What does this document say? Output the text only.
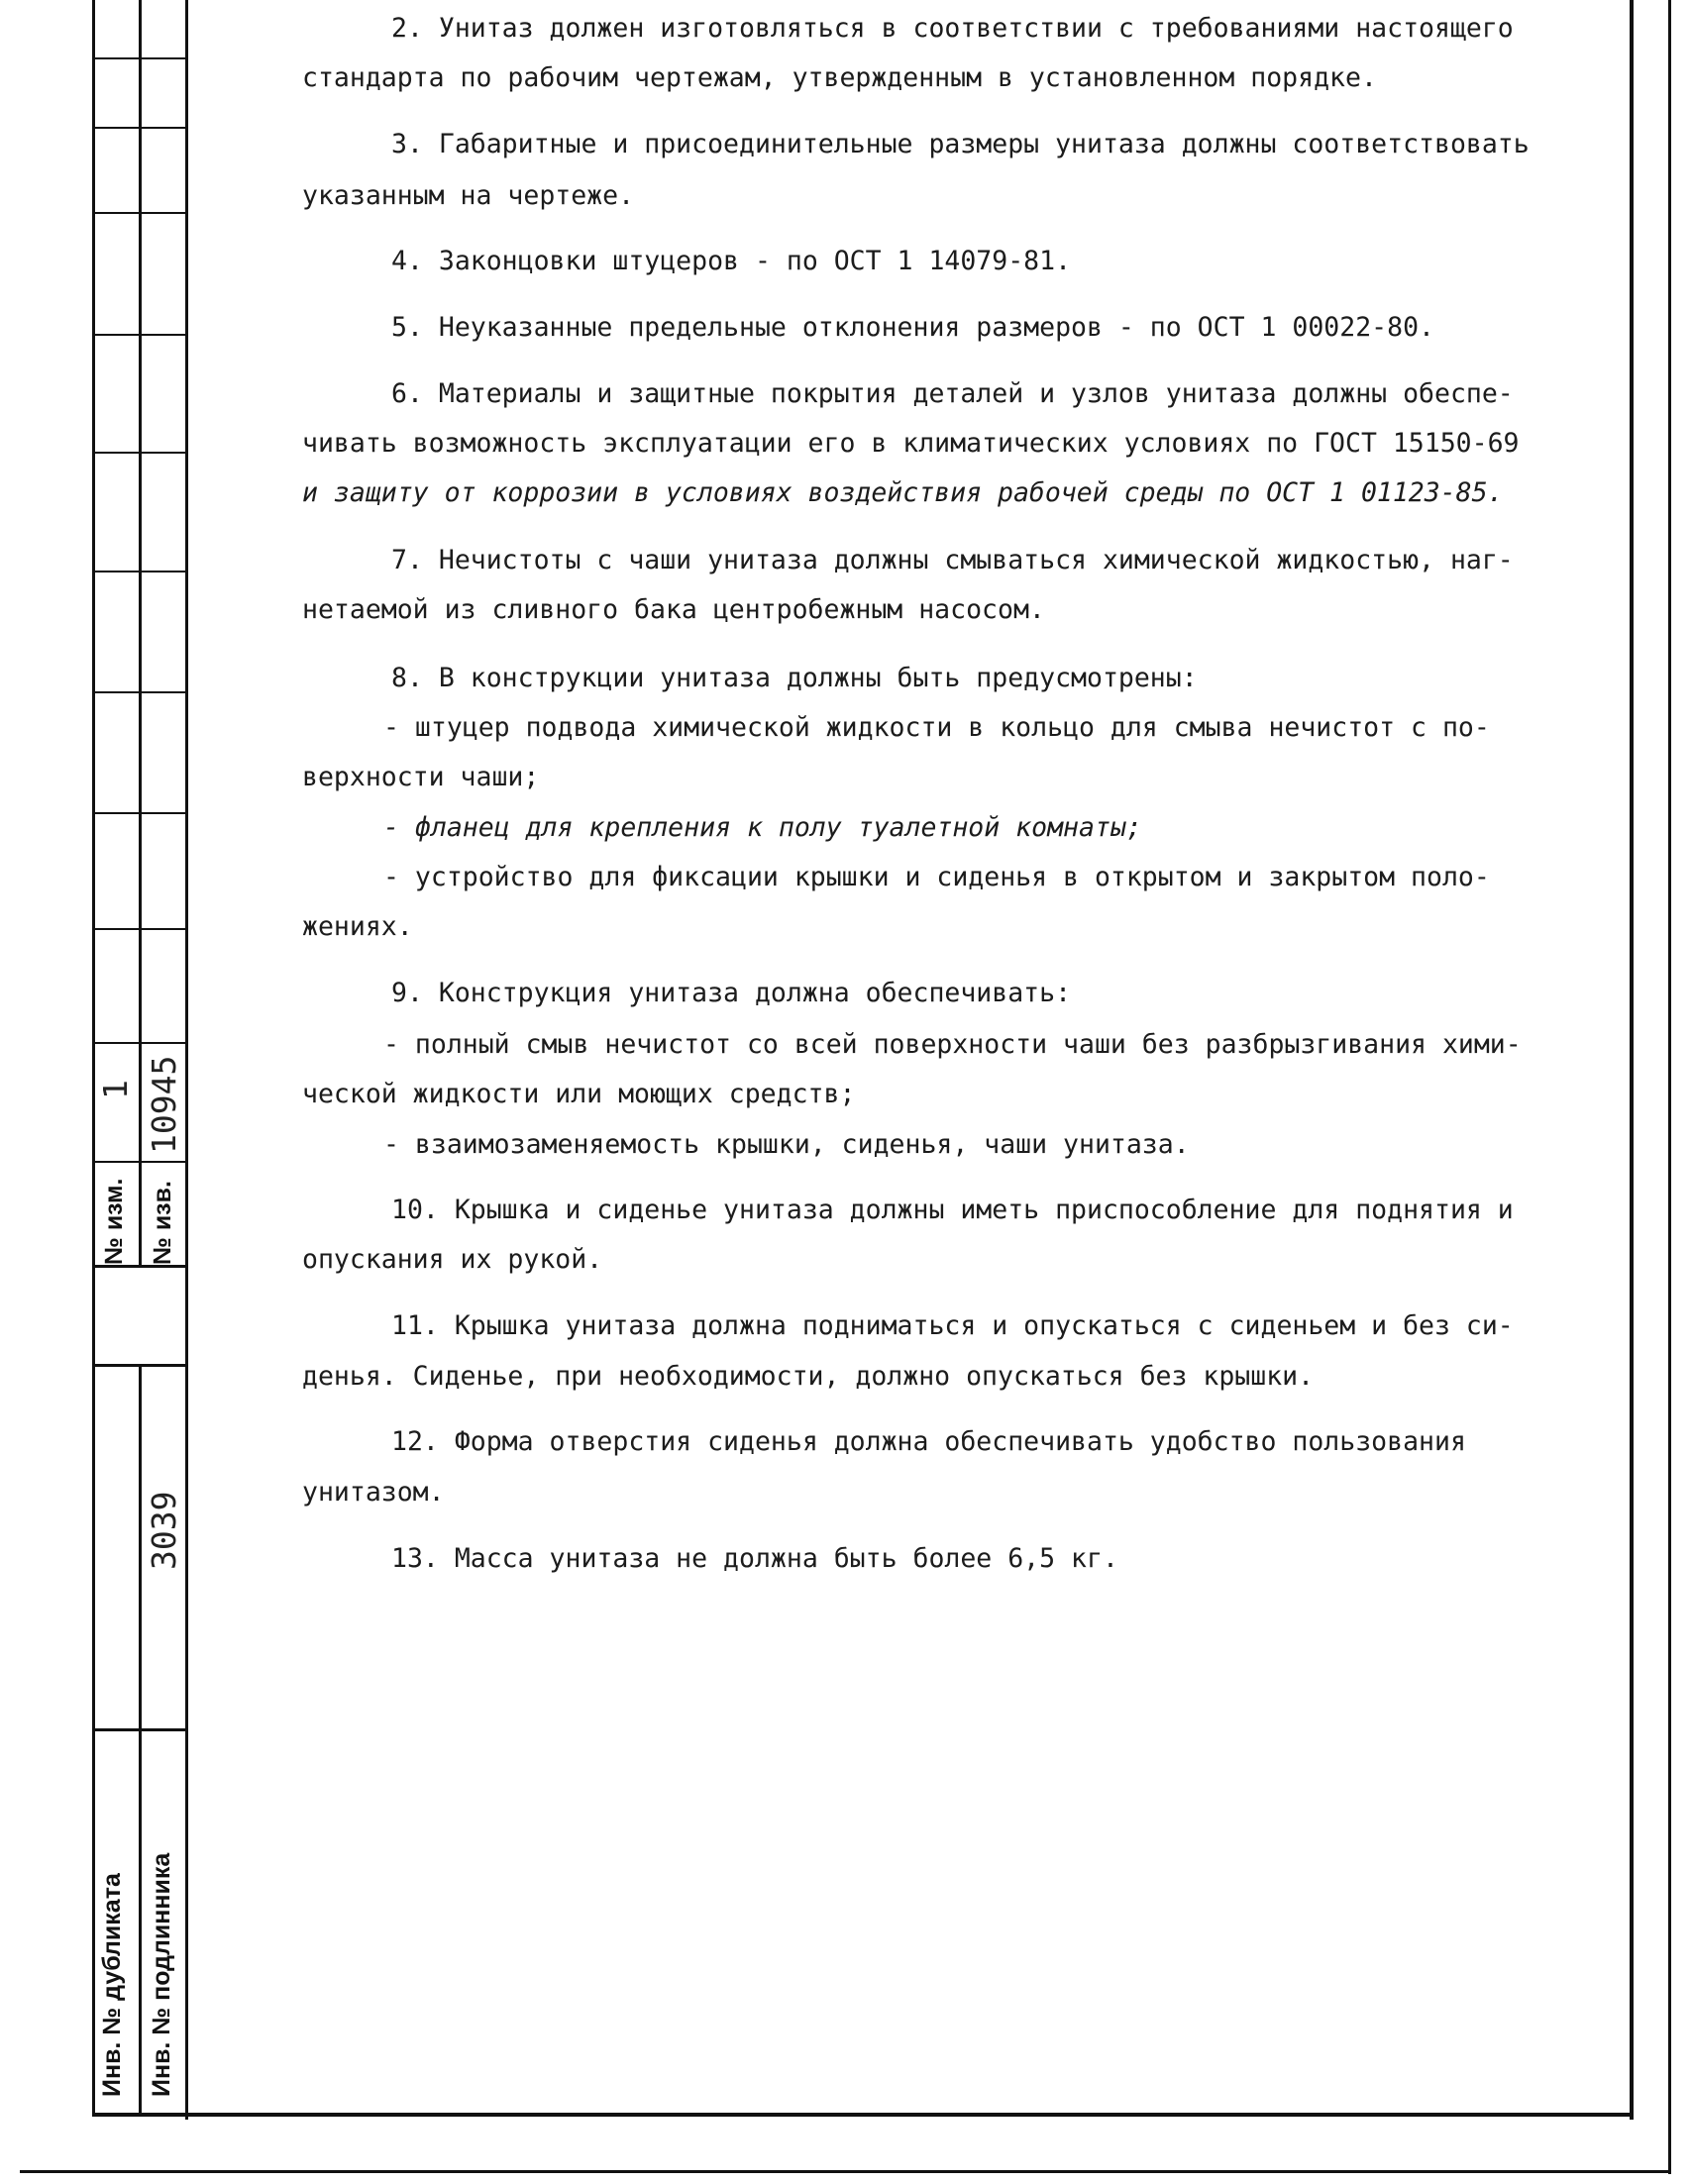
№ изм. № изв.
1 10945
Инв. № дубликата Инв. № подлинника
3039
2. Унитаз должен изготовляться в соответствии с требованиями настоящего
стандарта по рабочим чертежам, утвержденным в установленном порядке.
3. Габаритные и присоединительные размеры унитаза должны соответствовать
указанным на чертеже.
4. Законцовки штуцеров - по ОСТ 1 14079-81.
5. Неуказанные предельные отклонения размеров - по ОСТ 1 00022-80.
6. Материалы и защитные покрытия деталей и узлов унитаза должны обеспе-
чивать возможность эксплуатации его в климатических условиях по ГОСТ 15150-69
и защиту от коррозии в условиях воздействия рабочей среды по ОСТ 1 01123-85.
7. Нечистоты с чаши унитаза должны смываться химической жидкостью, наг-
нетаемой из сливного бака центробежным насосом.
8. В конструкции унитаза должны быть предусмотрены:
- штуцер подвода химической жидкости в кольцо для смыва нечистот с по-
верхности чаши;
- фланец для крепления к полу туалетной комнаты;
- устройство для фиксации крышки и сиденья в открытом и закрытом поло-
жениях.
9. Конструкция унитаза должна обеспечивать:
- полный смыв нечистот со всей поверхности чаши без разбрызгивания хими-
ческой жидкости или моющих средств;
- взаимозаменяемость крышки, сиденья, чаши унитаза.
10. Крышка и сиденье унитаза должны иметь приспособление для поднятия и
опускания их рукой.
11. Крышка унитаза должна подниматься и опускаться с сиденьем и без си-
денья. Сиденье, при необходимости, должно опускаться без крышки.
12. Форма отверстия сиденья должна обеспечивать удобство пользования
унитазом.
13. Масса унитаза не должна быть более 6,5 кг.
